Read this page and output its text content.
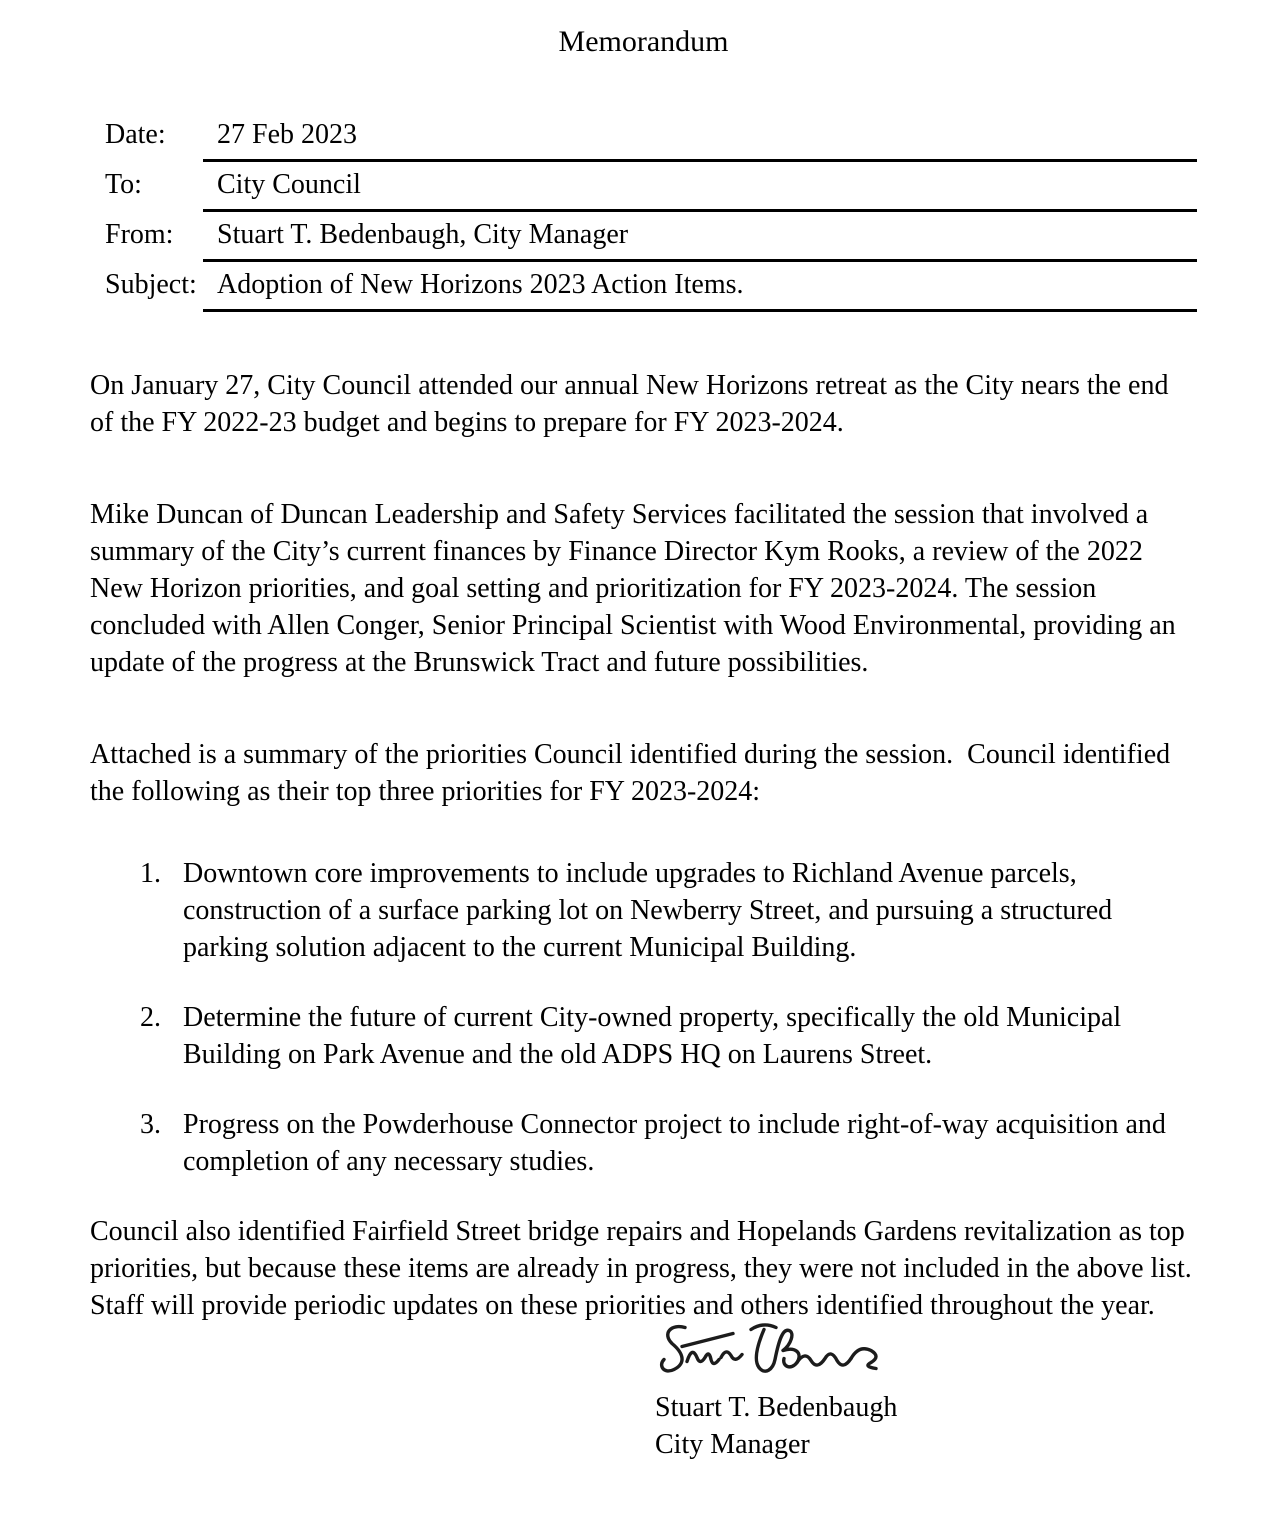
Memorandum
Date:	27 Feb 2023
To:	City Council
From:	Stuart T. Bedenbaugh, City Manager
Subject: Adoption of New Horizons 2023 Action Items.

On January 27, City Council attended our annual New Horizons retreat as the City nears the end of the FY 2022-23 budget and begins to prepare for FY 2023-2024.

Mike Duncan of Duncan Leadership and Safety Services facilitated the session that involved a summary of the City’s current finances by Finance Director Kym Rooks, a review of the 2022 New Horizon priorities, and goal setting and prioritization for FY 2023-2024. The session concluded with Allen Conger, Senior Principal Scientist with Wood Environmental, providing an update of the progress at the Brunswick Tract and future possibilities.

Attached is a summary of the priorities Council identified during the session.  Council identified the following as their top three priorities for FY 2023-2024:

1. Downtown core improvements to include upgrades to Richland Avenue parcels, construction of a surface parking lot on Newberry Street, and pursuing a structured parking solution adjacent to the current Municipal Building.
2. Determine the future of current City-owned property, specifically the old Municipal Building on Park Avenue and the old ADPS HQ on Laurens Street.
3. Progress on the Powderhouse Connector project to include right-of-way acquisition and completion of any necessary studies.

Council also identified Fairfield Street bridge repairs and Hopelands Gardens revitalization as top priorities, but because these items are already in progress, they were not included in the above list.  Staff will provide periodic updates on these priorities and others identified throughout the year.

Stuart T. Bedenbaugh
City Manager
